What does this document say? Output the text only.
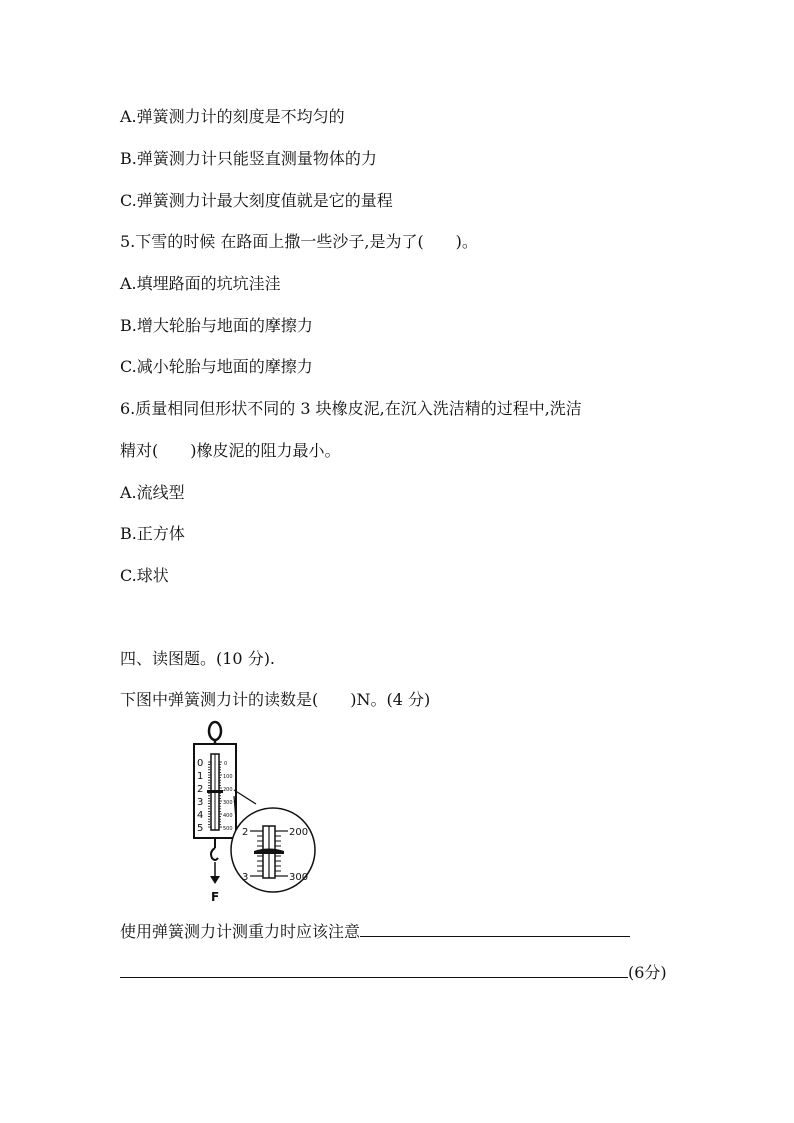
A.弹簧测力计的刻度是不均匀的
B.弹簧测力计只能竖直测量物体的力
C.弹簧测力计最大刻度值就是它的量程
5.下雪的时候 在路面上撒一些沙子,是为了(　　)。
A.填埋路面的坑坑洼洼
B.增大轮胎与地面的摩擦力
C.减小轮胎与地面的摩擦力
6.质量相同但形状不同的 3 块橡皮泥,在沉入洗洁精的过程中,洗洁
精对(　　)橡皮泥的阻力最小。
A.流线型
B.正方体
C.球状
四、读图题。(10 分).
下图中弹簧测力计的读数是(　　)N。(4 分)
0
1
2
3
4
5
0
100
200
300
400
500
F
2
3
200
300
使用弹簧测力计测重力时应该注意
(6分)
